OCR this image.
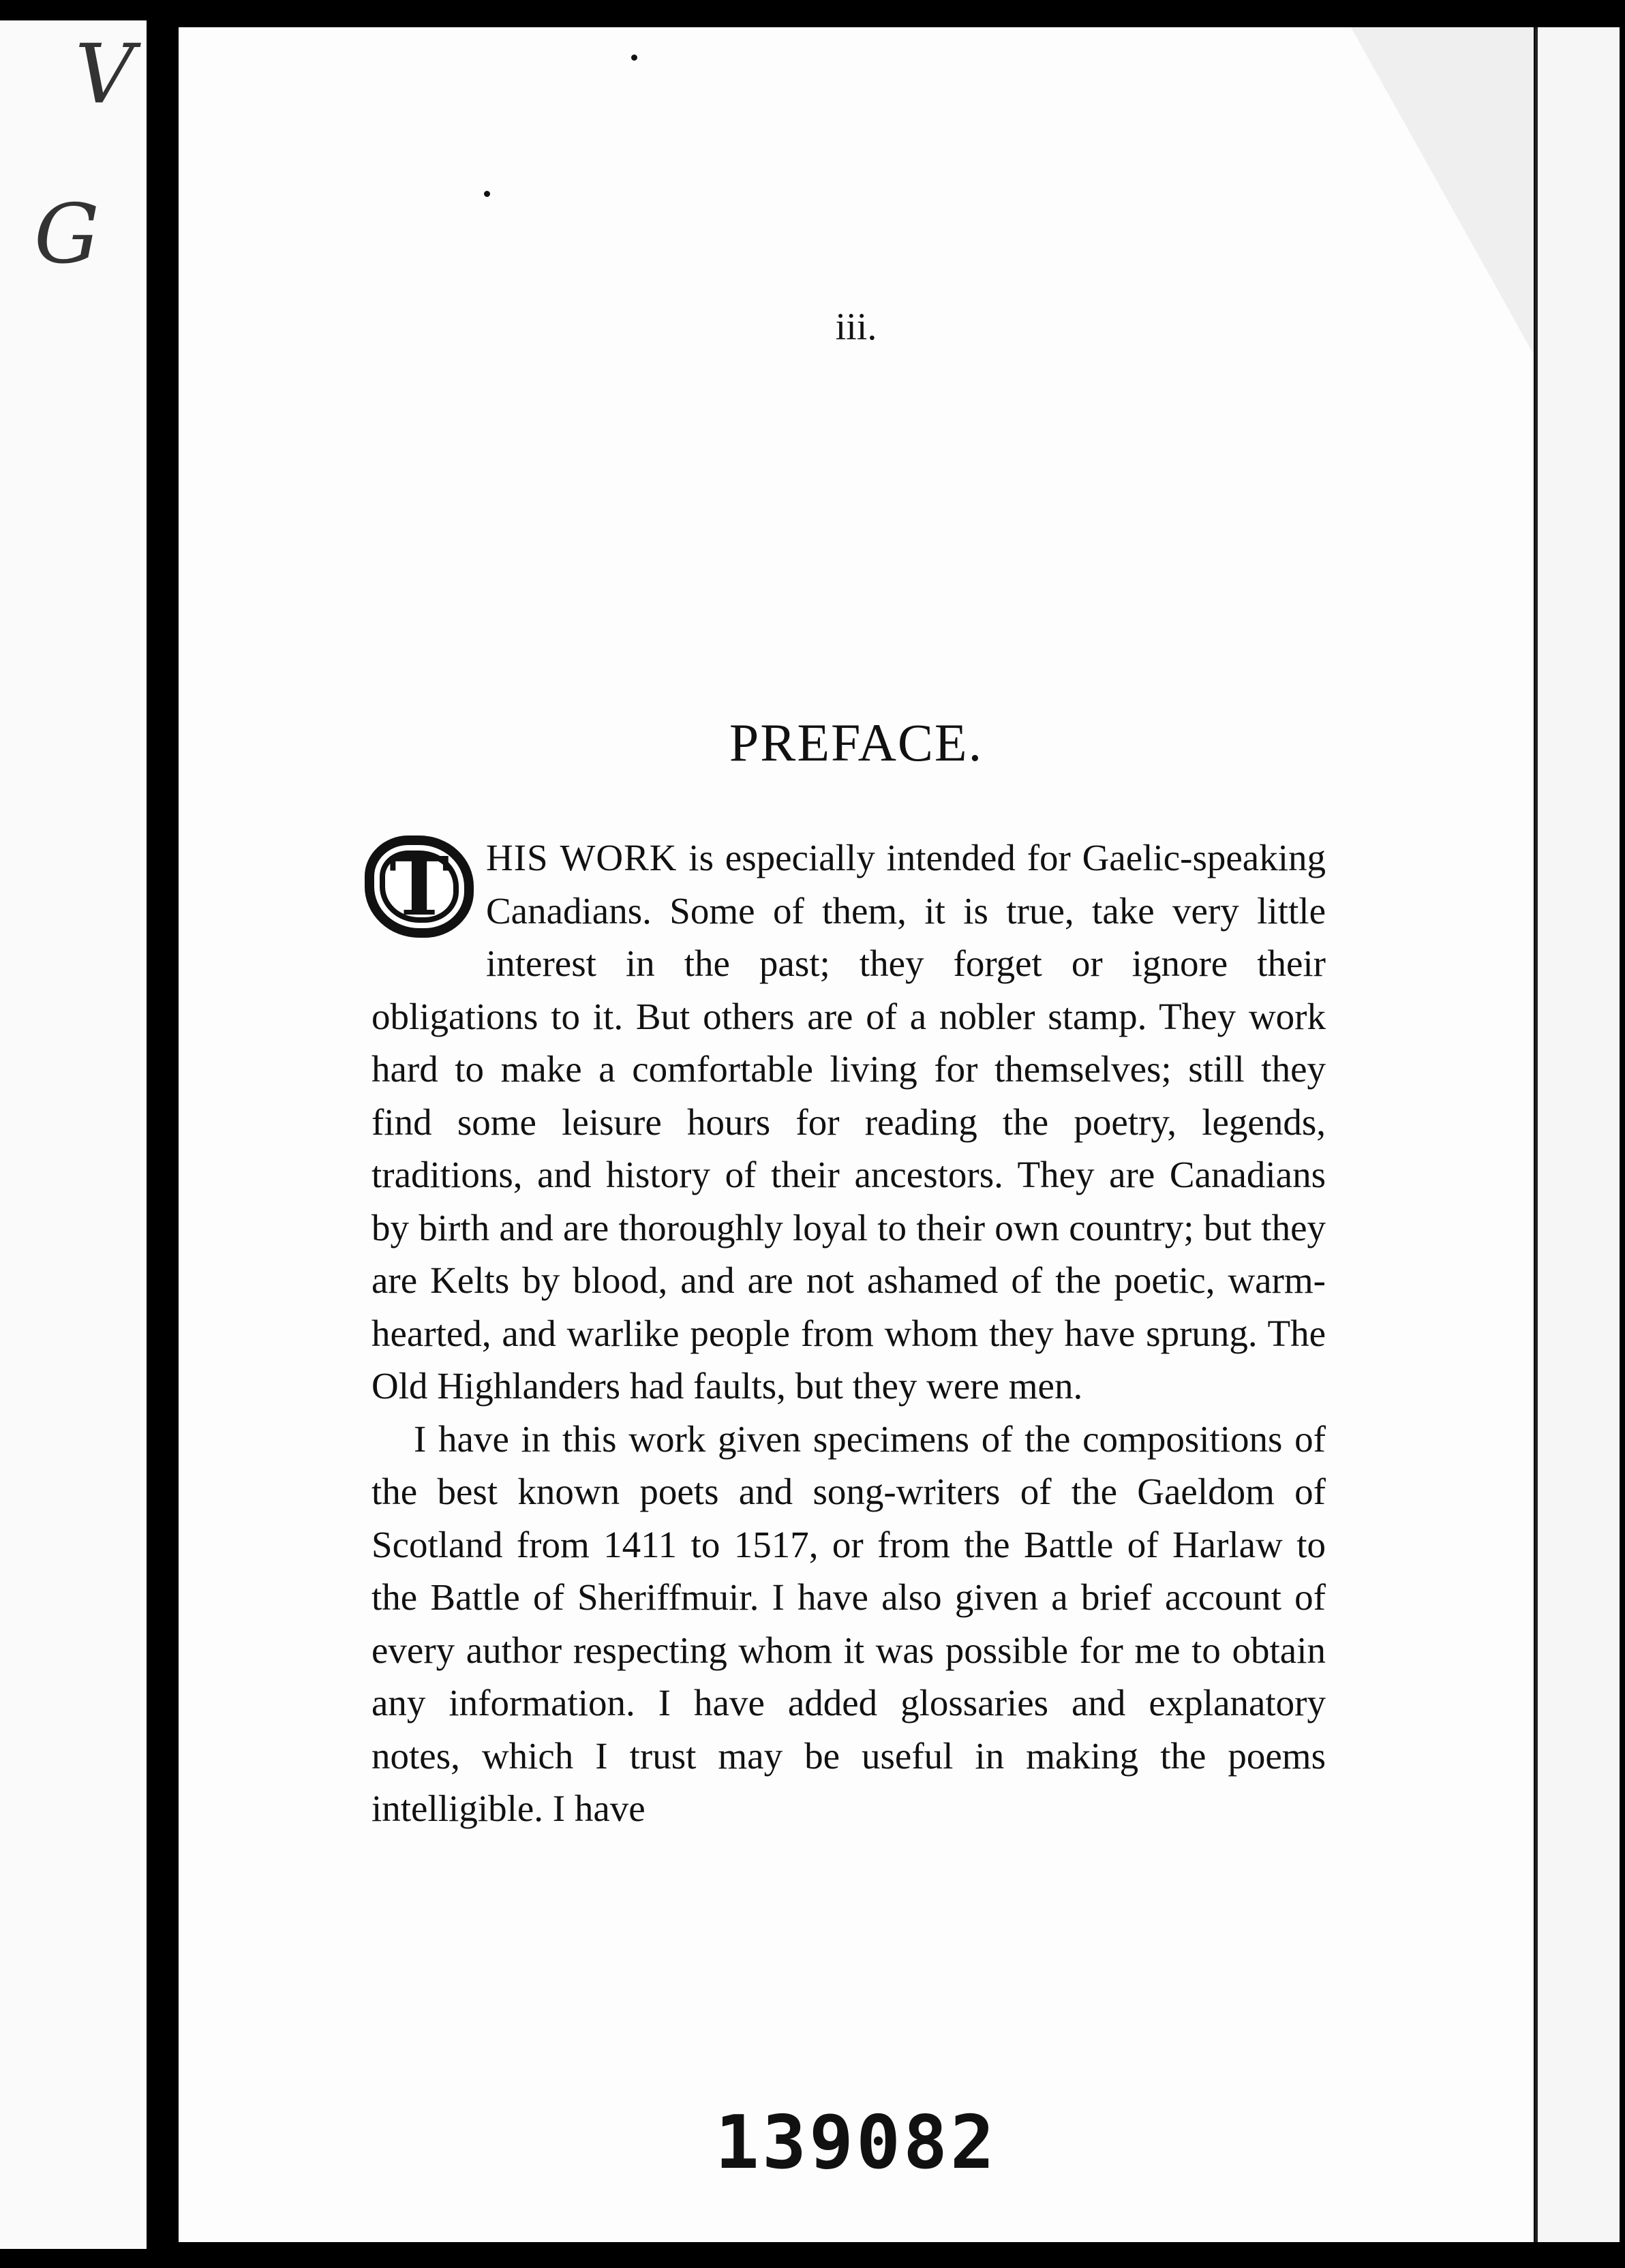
V
G
iii.
PREFACE.

T HIS WORK is especially intended for Gaelic-speaking Canadians. Some of them, it is true, take very little interest in the past; they forget or ignore their obligations to it. But others are of a nobler stamp. They work hard to make a comfortable living for themselves; still they find some leisure hours for reading the poetry, legends, traditions, and history of their ancestors. They are Canadians by birth and are thoroughly loyal to their own country; but they are Kelts by blood, and are not ashamed of the poetic, warm-hearted, and warlike people from whom they have sprung. The Old Highlanders had faults, but they were men.

I have in this work given specimens of the compositions of the best known poets and song-writers of the Gaeldom of Scotland from 1411 to 1517, or from the Battle of Harlaw to the Battle of Sheriffmuir. I have also given a brief account of every author respecting whom it was possible for me to obtain any information. I have added glossaries and explanatory notes, which I trust may be useful in making the poems intelligible. I have

139082
